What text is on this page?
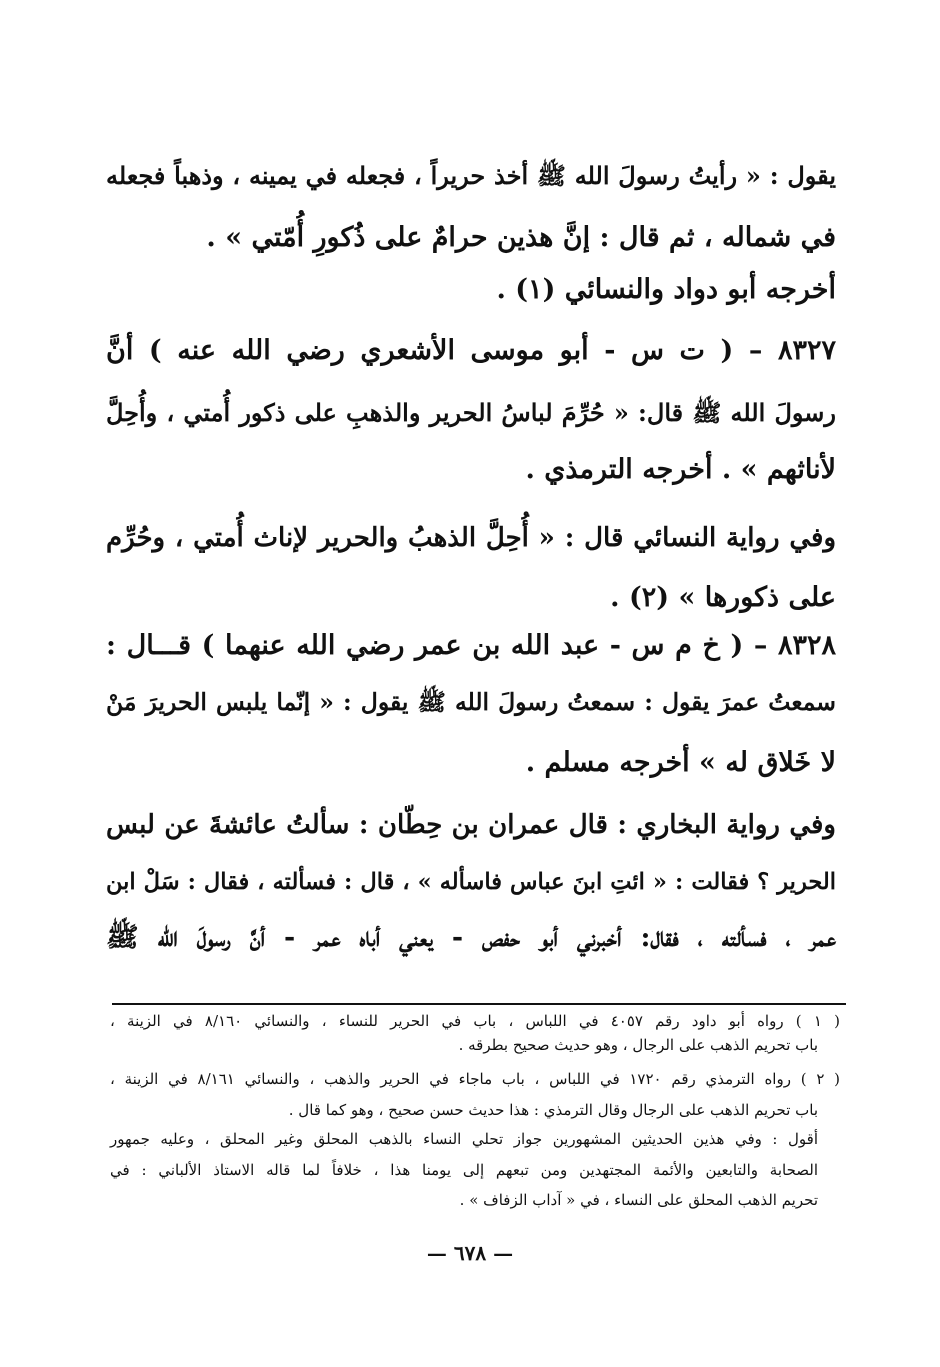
يقول : « رأيتُ رسولَ الله ﷺ أخذ حريراً ، فجعله في يمينه ، وذهباً فجعله
في شماله ، ثم قال : إنَّ هذين حرامٌ على ذُكورِ أُمّتي » .
أخرجه أبو دواد والنسائي (١) .
٨٣٢٧ – ( ت س - أبو موسى الأشعري رضي الله عنه ) أنَّ
رسولَ الله ﷺ قال: « حُرِّمَ لباسُ الحرير والذهبِ على ذكور أُمتي ، وأُحِلَّ
لأناثهم » . أخرجه الترمذي .
وفي رواية النسائي قال : « أُحِلَّ الذهبُ والحرير لإناث أُمتي ، وحُرِّم
على ذكورها » (٢) .
٨٣٢٨ – ( خ م س - عبد الله بن عمر رضي الله عنهما ) قـــال :
سمعتُ عمرَ يقول : سمعتُ رسولَ الله ﷺ يقول : « إنّما يلبس الحريرَ مَنْ
لا خَلاق له » أخرجه مسلم .
وفي رواية البخاري : قال عمران بن حِطّان : سألتُ عائشةَ عن لبس
الحرير ؟ فقالت : « ائتِ ابنَ عباس فاسأله » ، قال : فسألته ، فقال : سَلْ ابن
عمر ، فسألته ، فقال: أخبرني أبو حفص - يعني أباه عمر - أنَّ رسولَ الله ﷺ
( ١ ) رواه أبو داود رقم ٤٠٥٧ في اللباس ، باب في الحرير للنساء ، والنسائي ٨/١٦٠ في الزينة ،
باب تحريم الذهب على الرجال ، وهو حديث صحيح بطرقه .
( ٢ ) رواه الترمذي رقم ١٧٢٠ في اللباس ، باب ماجاء في الحرير والذهب ، والنسائي ٨/١٦١ في الزينة ،
باب تحريم الذهب على الرجال وقال الترمذي : هذا حديث حسن صحيح ، وهو كما قال .
أقول : وفي هذين الحديثين المشهورين جواز تحلي النساء بالذهب المحلق وغير المحلق ، وعليه جمهور
الصحابة والتابعين والأئمة المجتهدين ومن تبعهم إلى يومنا هذا ، خلافاً لما قاله الاستاذ الألباني : في
تحريم الذهب المحلق على النساء ، في « آداب الزفاف » .
— ٦٧٨ —
